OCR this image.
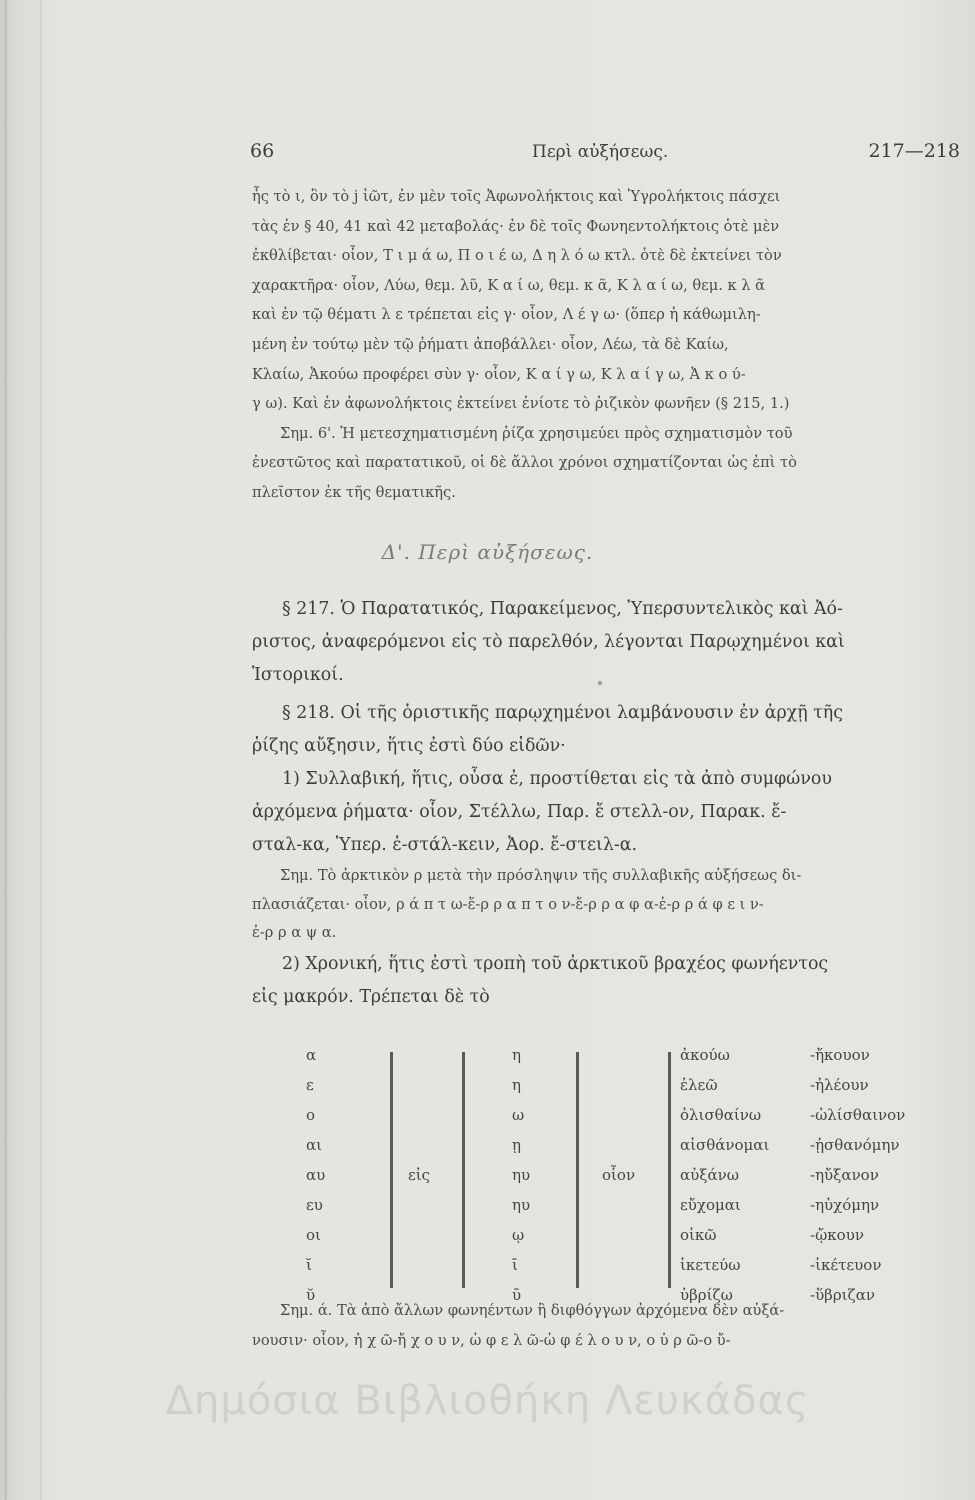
66	Περὶ αὐξήσεως.	217—218
ἧς τὸ ι, ὃν τὸ j ἰῶτ, ἐν μὲν τοῖς Ἀφωνολήκτοις καὶ Ὑγρολήκτοις πάσχει
τὰς ἐν § 40, 41 καὶ 42 μεταβολάς· ἐν δὲ τοῖς Φωνηεντολήκτοις ὁτὲ μὲν
ἐκθλίβεται· οἷον, Τ ι μ ά ω, Π ο ι έ ω, Δ η λ ό ω κτλ. ὁτὲ δὲ ἐκτείνει τὸν
χαρακτῆρα· οἷον, Λύω, θεμ. λῦ, Κ α ί ω, θεμ. κ ᾶ, Κ λ α ί ω, θεμ. κ λ ᾶ
καὶ ἐν τῷ θέματι λ ε τρέπεται εἰς γ· οἷον, Λ έ γ ω· (ὅπερ ἡ κάθωμιλη-
μένη ἐν τούτῳ μὲν τῷ ῥήματι ἀποβάλλει· οἷον, Λέω, τὰ δὲ Καίω,
Κλαίω, Ἀκούω προφέρει σὺν γ· οἷον, Κ α ί γ ω, Κ λ α ί γ ω, Ἀ κ ο ύ-
γ ω). Καὶ ἐν ἀφωνολήκτοις ἐκτείνει ἐνίοτε τὸ ῥιζικὸν φωνῆεν (§ 215, 1.)
Σημ. 6'. Ἡ μετεσχηματισμένη ῥίζα χρησιμεύει πρὸς σχηματισμὸν τοῦ
ἐνεστῶτος καὶ παρατατικοῦ, οἱ δὲ ἄλλοι χρόνοι σχηματίζονται ὡς ἐπὶ τὸ
πλεῖστον ἐκ τῆς θεματικῆς.
Δ'. Περὶ αὐξήσεως.
§ 217. Ὁ Παρατατικός, Παρακείμενος, Ὑπερσυντελικὸς καὶ Ἀό-
ριστος, ἀναφερόμενοι εἰς τὸ παρελθόν, λέγονται Παρῳχημένοι καὶ
Ἱστορικοί.
§ 218. Οἱ τῆς ὁριστικῆς παρῳχημένοι λαμβάνουσιν ἐν ἀρχῇ τῆς
ῥίζης αὔξησιν, ἥτις ἐστὶ δύο εἰδῶν·
1) Συλλαβική, ἥτις, οὖσα ἐ, προστίθεται εἰς τὰ ἀπὸ συμφώνου
ἀρχόμενα ῥήματα· οἷον, Στέλλω, Παρ. ἔ στελλ-ον, Παρακ. ἔ-
σταλ-κα, Ὑπερ. ἐ-στάλ-κειν, Ἀορ. ἔ-στειλ-α.
Σημ. Τὸ ἀρκτικὸν ρ μετὰ τὴν πρόσληψιν τῆς συλλαβικῆς αὐξήσεως δι-
πλασιάζεται· οἷον, ρ ά π τ ω-ἔ-ρ ρ α π τ ο ν-ἔ-ρ ρ α φ α-ἐ-ρ ρ ά φ ε ι ν-
ἐ-ρ ρ α ψ α.
2) Χρονική, ἥτις ἐστὶ τροπὴ τοῦ ἀρκτικοῦ βραχέος φωνήεντος
εἰς μακρόν. Τρέπεται δὲ τὸ
α
ε
ο
αι
αυ
ευ
οι
ῐ
ῠ
εἰς
η
η
ω
ῃ
ηυ
ηυ
ῳ
ῑ
ῡ
οἷον
ἀκούω
ἐλεῶ
ὀλισθαίνω
αἰσθάνομαι
αὐξάνω
εὔχομαι
οἰκῶ
ἱκετεύω
ὑβρίζω
-ἤκουον
-ἠλέουν
-ὠλίσθαινον
-ᾐσθανόμην
-ηὔξανον
-ηὐχόμην
-ᾤκουν
-ἱκέτευον
-ὕβριζαν
Σημ. ά. Τὰ ἀπὸ ἄλλων φωνηέντων ἢ διφθόγγων ἀρχόμενα δὲν αὐξά-
νουσιν· οἷον, ἠ χ ῶ-ἤ χ ο υ ν, ὠ φ ε λ ῶ-ὠ φ έ λ ο υ ν, ο ὐ ρ ῶ-ο ὔ-
Δημόσια Βιβλιοθήκη Λευκάδας
